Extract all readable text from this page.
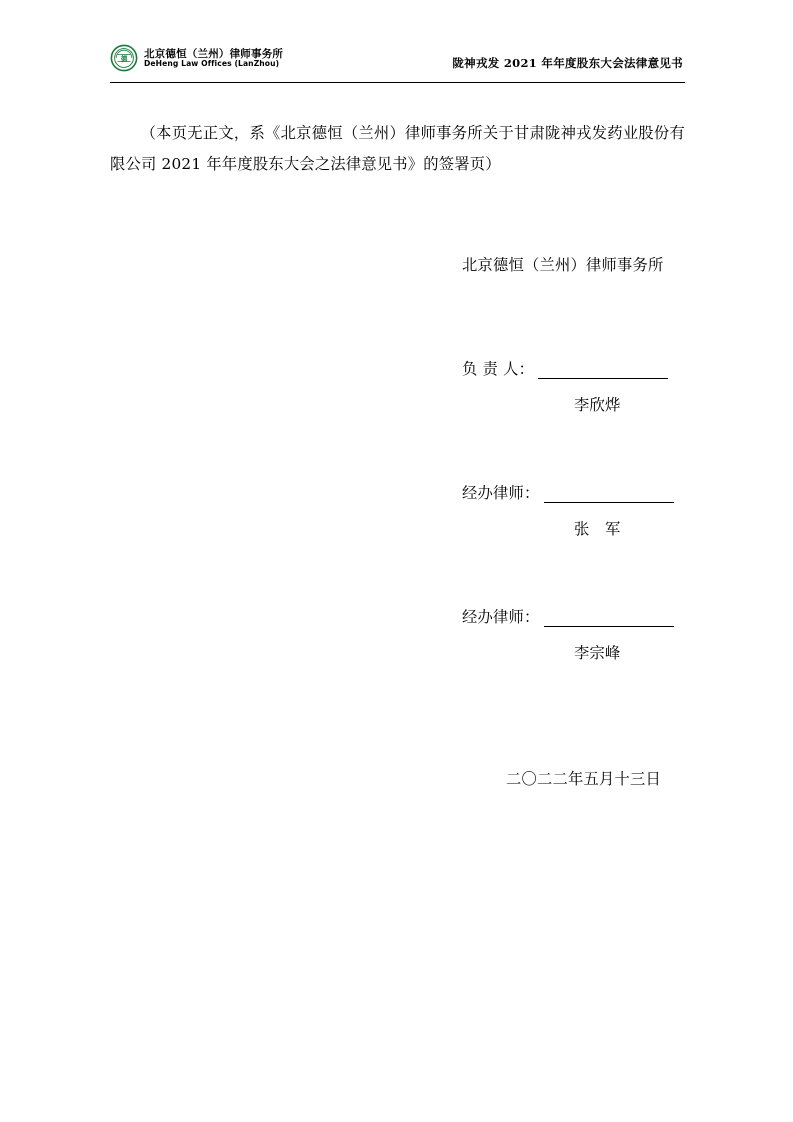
德 北京德恒（兰州）律师事务所
DeHeng Law Offices (LanZhou)	陇神戎发 2021 年年度股东大会法律意见书
（本页无正文，系《北京德恒（兰州）律师事务所关于甘肃陇神戎发药业股份有限公司 2021 年年度股东大会之法律意见书》的签署页）
北京德恒（兰州）律师事务所
负 责 人：
李欣烨
经办律师：
张　军
经办律师：
李宗峰
二〇二二年五月十三日
